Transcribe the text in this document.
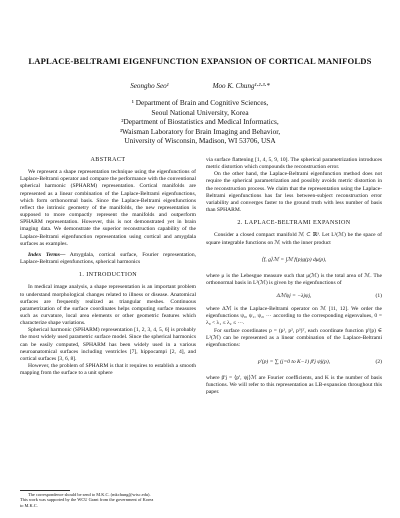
LAPLACE-BELTRAMI EIGENFUNCTION EXPANSION OF CORTICAL MANIFOLDS
Seongho Seo¹	Moo K. Chung¹·²·³·*
¹ Department of Brain and Cognitive Sciences,
Seoul National University, Korea
²Department of Biostatistics and Medical Informatics,
³Waisman Laboratory for Brain Imaging and Behavior,
University of Wisconsin, Madison, WI 53706, USA
ABSTRACT

We represent a shape representation technique using the eigenfunctions of Laplace-Beltrami operator and compare the performance with the conventional spherical harmonic (SPHARM) representation. Cortical manifolds are represented as a linear combination of the Laplace-Beltrami eigenfunctions, which form orthonormal basis. Since the Laplace-Beltrami eigenfunctions reflect the intrinsic geometry of the manifolds, the new representation is supposed to more compactly represent the manifolds and outperform SPHARM representation. However, this is not demonstrated yet in brain imaging data. We demonstrate the superior reconstruction capability of the Laplace-Beltrami eigenfunction representation using cortical and amygdala surfaces as examples.

Index Terms— Amygdala, cortical surface, Fourier representation, Laplace-Beltrami eigenfunctions, spherical harmonics

1. INTRODUCTION

In medical image analysis, a shape representation is an important problem to understand morphological changes related to illness or disease. Anatomical surfaces are frequently realized as triangular meshes. Continuous parametrization of the surface coordinates helps computing surface measures such as curvature, local area elements or other geometric features which characterize shape variations.

Spherical harmonic (SPHARM) representation [1, 2, 3, 4, 5, 6] is probably the most widely used parametric surface model. Since the spherical harmonics can be easily computed, SPHARM has been widely used in a various neuroanatomical surfaces including ventricles [7], hippocampi [2, 4], and cortical surfaces [3, 6, 8].

However, the problem of SPHARM is that it requires to establish a smooth mapping from the surface to a unit sphere

The correspondence should be send to M.K.C. (mkchung@wisc.edu).
This work was supported by the WCU Grant from the government of Korea
to M.K.C.

via surface flattening [1, 4, 5, 9, 10]. The spherical parametrization introduces metric distortion which compounds the reconstruction error.

On the other hand, the Laplace-Beltrami eigenfunction method does not require the spherical parametrization and possibly avoids metric distortion in the reconstruction process. We claim that the representation using the Laplace-Beltrami eigenfunctions has far less between-subject reconstruction error variability and converges faster to the ground truth with less number of basis than SPHARM.

2. LAPLACE-BELTRAMI EXPANSION

Consider a closed compact manifold ℳ ⊂ ℝ³. Let L²(ℳ) be the space of square integrable functions on ℳ with the inner product

⟨f, g⟩ℳ = ∫ℳ f(p)g(p) dμ(p),

where μ is the Lebesgue measure such that μ(ℳ) is the total area of ℳ. The orthonormal basis in L²(ℳ) is given by the eigenfunctions of

Δℳψj = −λjψj,	(1)

where Δℳ is the Laplace-Beltrami operator on ℳ [11, 12]. We order the eigenfunctions ψ₀, ψ₁, ψ₂, ··· according to the corresponding eigenvalues, 0 = λ₀ < λ₁ ≤ λ₂ ≤ ···.

For surface coordinates p = (p¹, p², p³)ᵀ, each coordinate function pⁱ(p) ∈ L²(ℳ) can be represented as a linear combination of the Laplace-Beltrami eigenfunctions:

pⁱ(p) = ∑ (j=0 to K−1) βⁱj ψj(p),	(2)

where βⁱj = ⟨pⁱ, ψj⟩ℳ are Fourier coefficients, and K is the number of basis functions. We will refer to this representation as LB-expansion throughout this paper.
